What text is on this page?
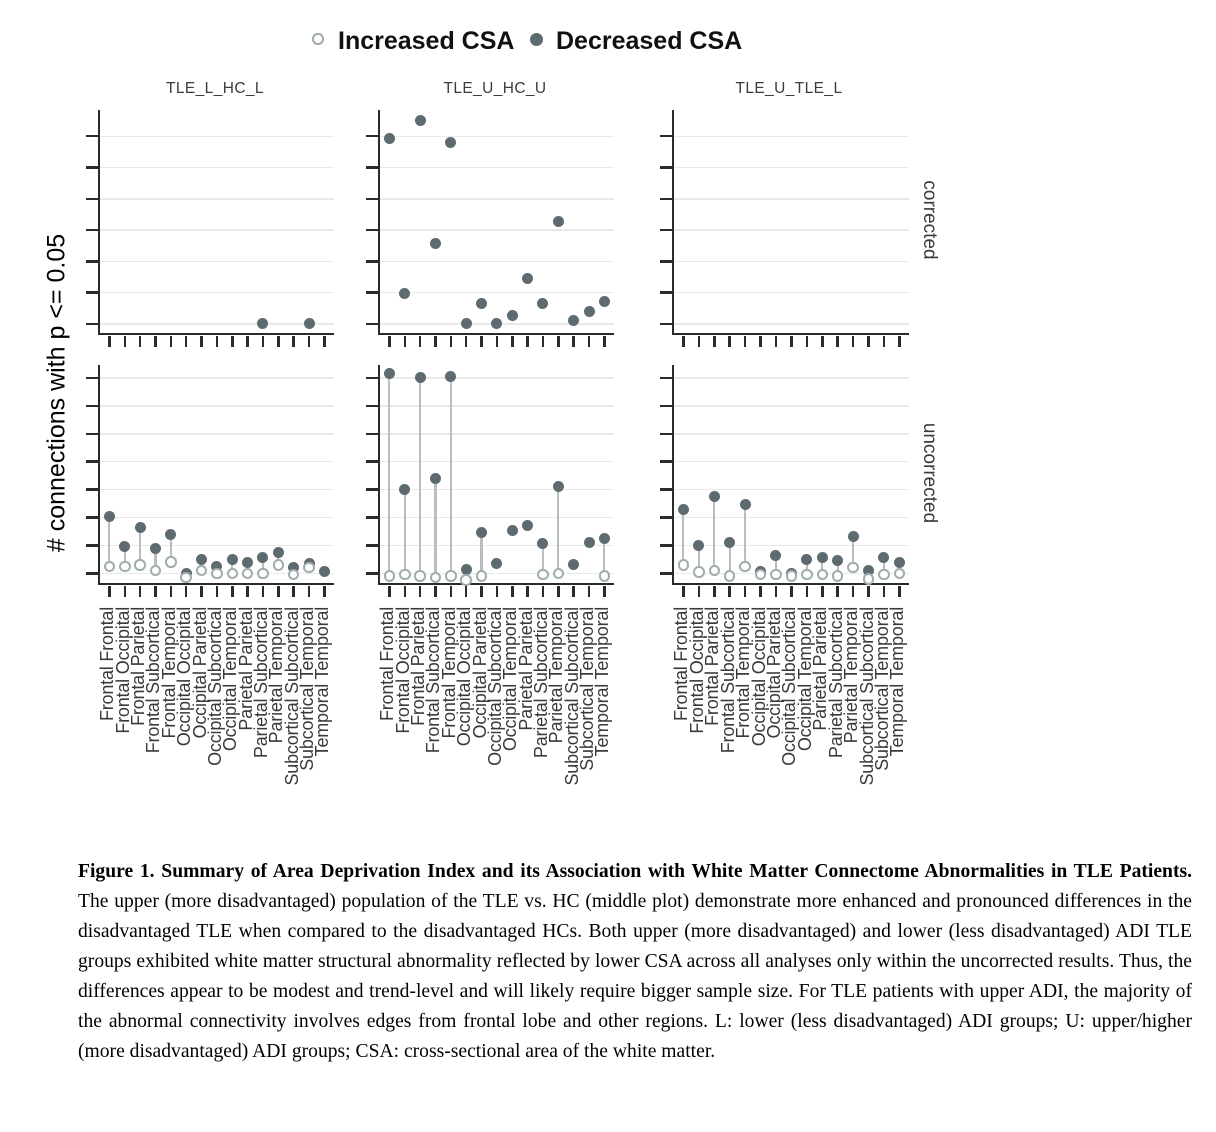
Increased CSA Decreased CSA
TLE_L_HC_L	TLE_U_HC_U	TLE_U_TLE_L
corrected
uncorrected
# connections with p <= 0.05
Frontal Frontal
Frontal Occipital
Frontal Parietal
Frontal Subcortical
Frontal Temporal
Occipital Occipital
Occipital Parietal
Occipital Subcortical
Occipital Temporal
Parietal Parietal
Parietal Subcortical
Parietal Temporal
Subcortical Subcortical
Subcortical Temporal
Temporal Temporal	Frontal Frontal
Frontal Occipital
Frontal Parietal
Frontal Subcortical
Frontal Temporal
Occipital Occipital
Occipital Parietal
Occipital Subcortical
Occipital Temporal
Parietal Parietal
Parietal Subcortical
Parietal Temporal
Subcortical Subcortical
Subcortical Temporal
Temporal Temporal	Frontal Frontal
Frontal Occipital
Frontal Parietal
Frontal Subcortical
Frontal Temporal
Occipital Occipital
Occipital Parietal
Occipital Subcortical
Occipital Temporal
Parietal Parietal
Parietal Subcortical
Parietal Temporal
Subcortical Subcortical
Subcortical Temporal
Temporal Temporal

Figure 1. Summary of Area Deprivation Index and its Association with White Matter Connectome Abnormalities in TLE Patients. The upper (more disadvantaged) population of the TLE vs. HC (middle plot) demonstrate more enhanced and pronounced differences in the disadvantaged TLE when compared to the disadvantaged HCs. Both upper (more disadvantaged) and lower (less disadvantaged) ADI TLE groups exhibited white matter structural abnormality reflected by lower CSA across all analyses only within the uncorrected results. Thus, the differences appear to be modest and trend-level and will likely require bigger sample size. For TLE patients with upper ADI, the majority of the abnormal connectivity involves edges from frontal lobe and other regions. L: lower (less disadvantaged) ADI groups; U: upper/higher (more disadvantaged) ADI groups; CSA: cross-sectional area of the white matter.
